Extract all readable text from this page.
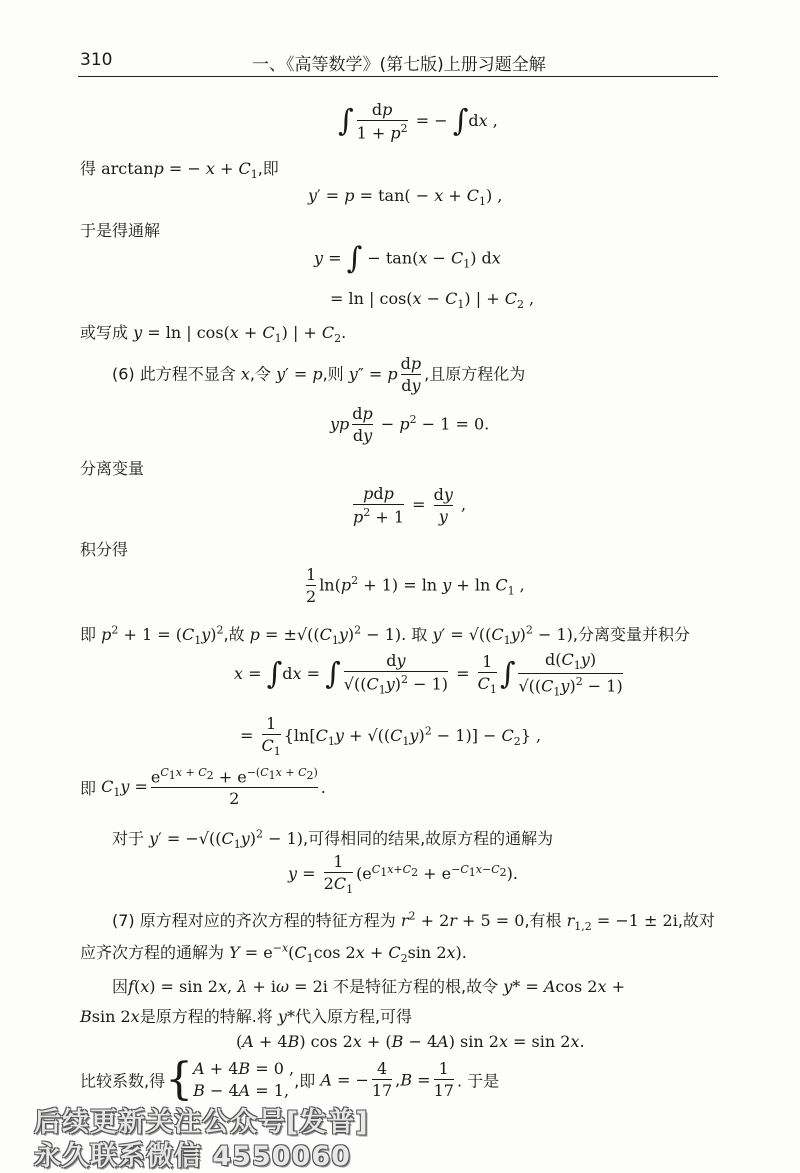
310	一、《高等数学》(第七版)上册习题全解
∫ $\frac{dp}{1 + p^2}$ = − ∫dx ,
得 arctanp = − $x + C_1$,即
$y' = p = \tan( - x + C_1)$ ,
于是得通解
y = ∫ − $\tan(x - C_1)$ dx
= ln | $\cos(x - C_1)$ | + $C_2$ ,
或写成 y = ln | $\cos(x + C_1)$ | + $C_2$.
(6) 此方程不显含 x,令 y′ = p,则 y″ = p $\frac{dp}{dy}$ ,且原方程化为
yp $\frac{dp}{dy} - p^2 - 1 = 0$.
分离变量
$\frac{\text{pdp}}{p^2 + 1} = \frac{dy}{y}$ ,
积分得
$\frac{1}{2} \ln(p^2 + 1) = \ln y + \ln C_1$ ,
即 $p^2 + 1 = (C_1y)^2$,故 $p = \pm√((C_1y)^2 - 1)$. 取 $y' = √((C_1y)^2 - 1)$,分离变量并积分
x = ∫dx = ∫ $\frac{dy}{√((C_1y)^2 - 1)} = \frac{1}{C_1}$ ∫ $\frac{d(C_1y)}{√((C_1y)^2 - 1)}$
= $\frac{1}{C_1} \{\ln[C_1y + √((C_1y)^2 - 1)] - C_2\}$ ,
即 $C_1y = \frac{e^{C_1x + C_2} + e^{-(C_1x + C_2)}}{2}$ .
对于 $y' = -√((C_1y)^2 - 1)$,可得相同的结果,故原方程的通解为
$y = \frac{1}{2C_1} (e^{C_1x+C_2} + e^{-C_1x-C_2})$.
(7) 原方程对应的齐次方程的特征方程为 $r^2 + 2r + 5 = 0$,有根 $r_{1,2} = -1 \pm 2i$,故对
应齐次方程的通解为 $Y = e^{-x}(C_1\cos$ $2x + C_2\sin$ 2x).
因f(x) = sin 2x, λ + iω = 2i 不是特征方程的根,故令 y* = Acos 2x +
Bsin 2x是原方程的特解.将 y*代入原方程,可得
(A + 4B) cos 2x + (B − 4A) sin 2x = sin 2x.
比较系数,得{ A + 4B = 0 ,
B − 4A = 1, ,即 A = − $\frac{4}{17} ,B = \frac{1}{17}$ . 于是
后续更新关注公众号[发普]
永久联系微信 4550060
